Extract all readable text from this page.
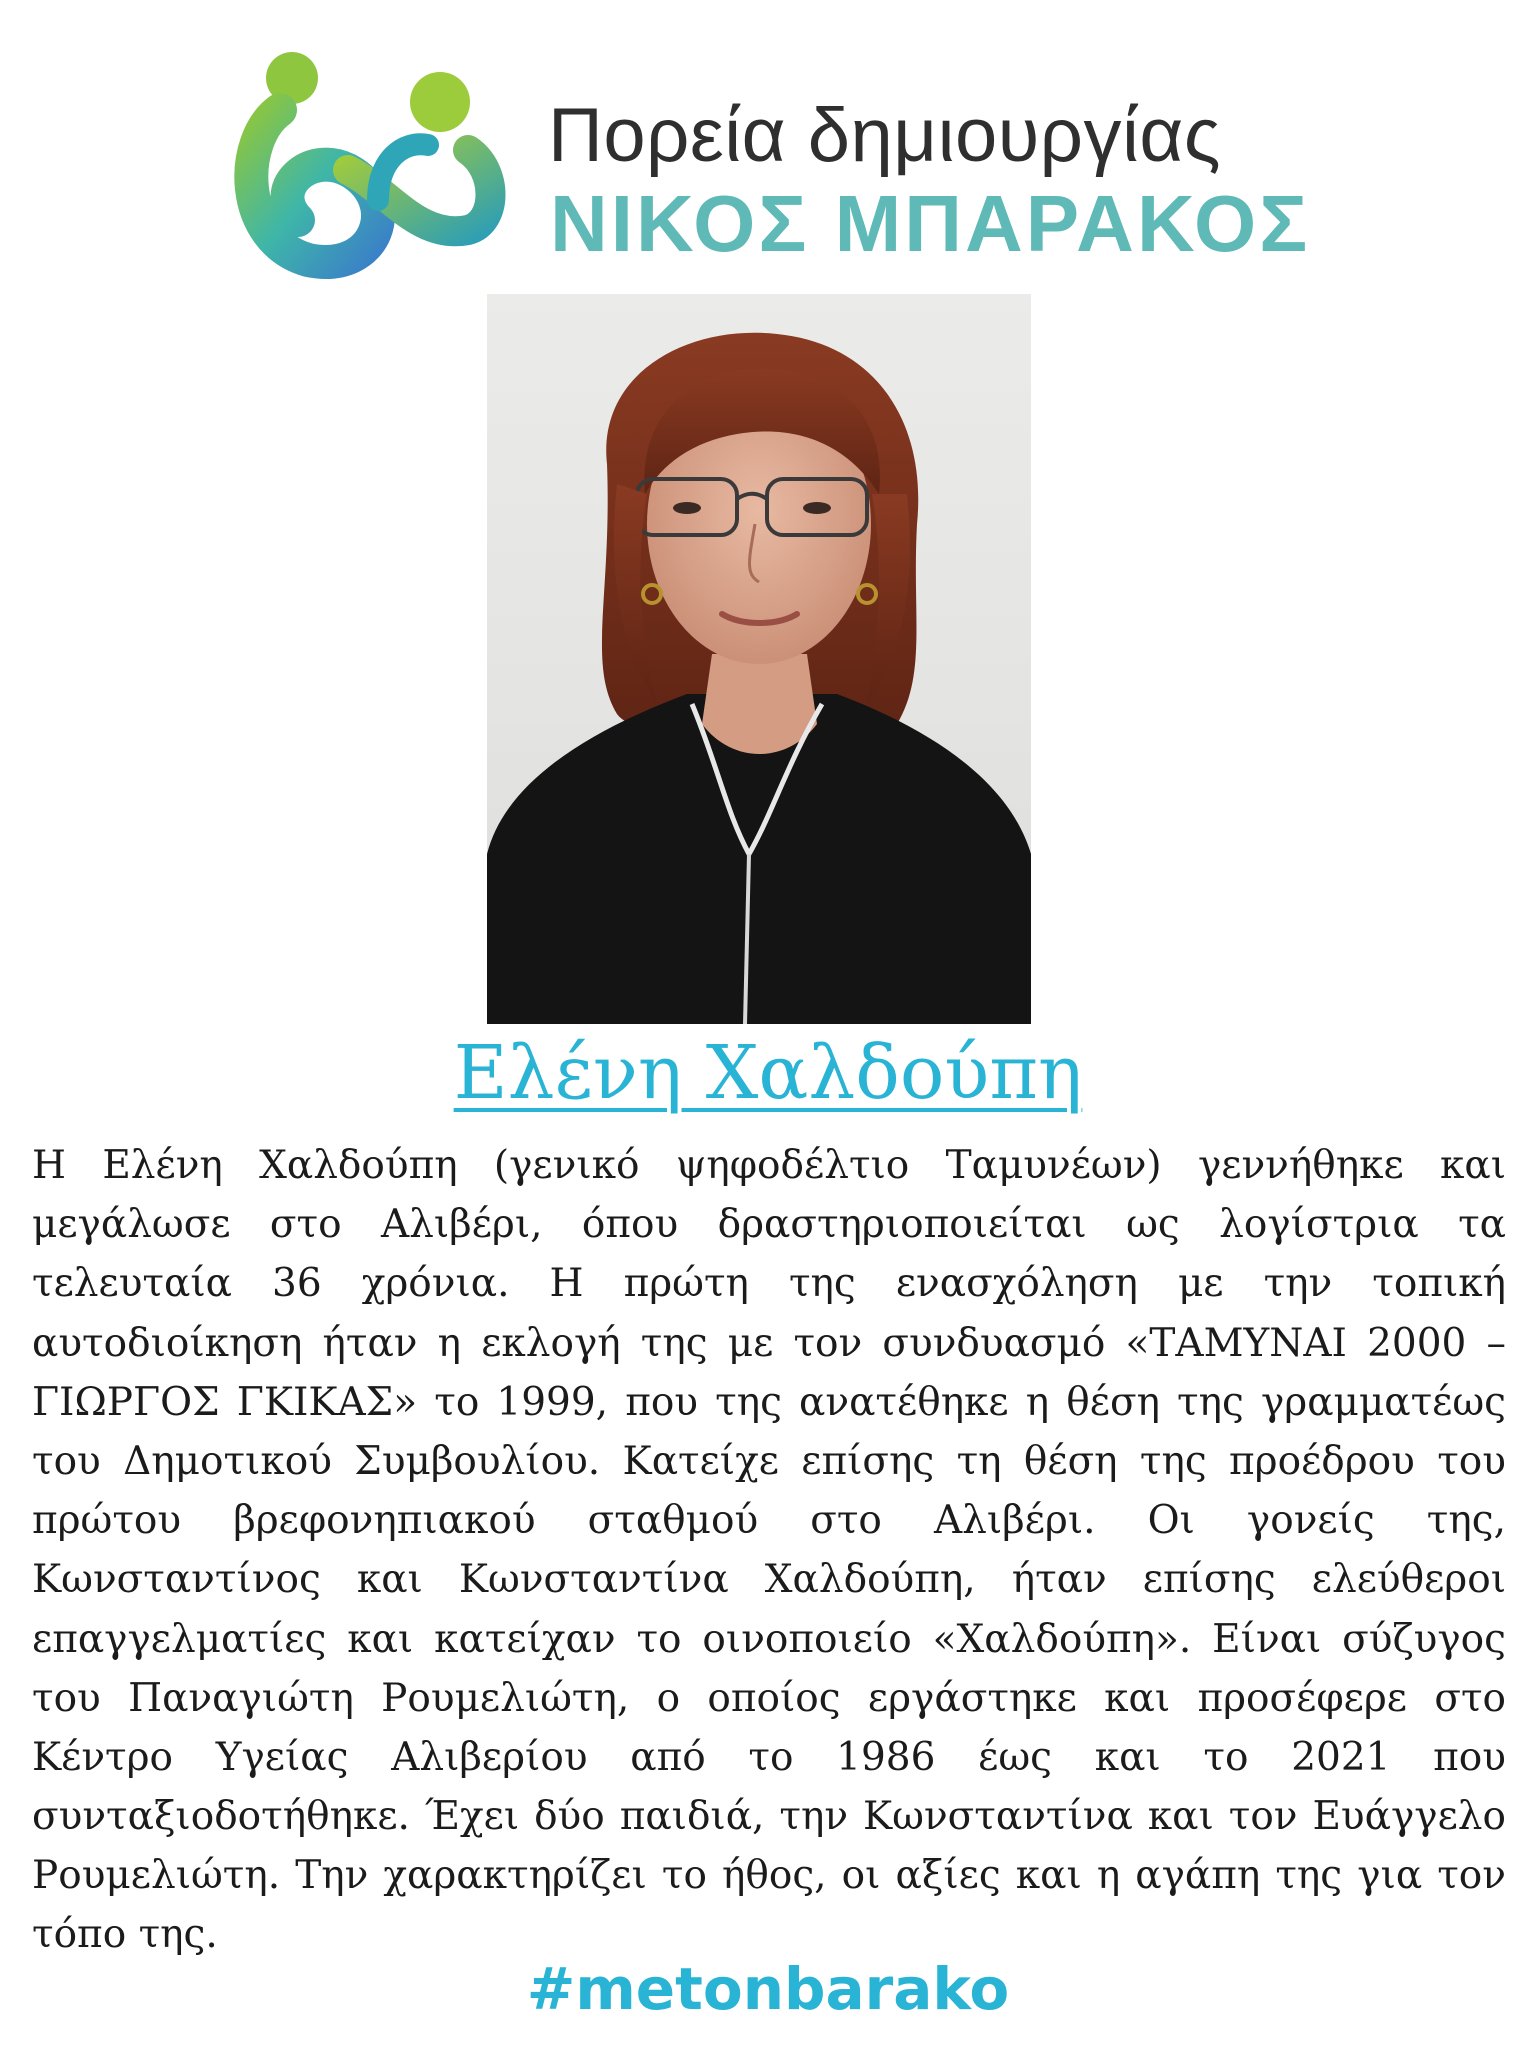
Πορεία δημιουργίας
ΝΙΚΟΣ ΜΠΑΡΑΚΟΣ
Ελένη Χαλδούπη
Η Ελένη Χαλδούπη (γενικό ψηφοδέλτιο Ταμυνέων) γεννήθηκε και
μεγάλωσε στο Αλιβέρι, όπου δραστηριοποιείται ως λογίστρια τα
τελευταία 36 χρόνια. Η πρώτη της ενασχόληση με την τοπική
αυτοδιοίκηση ήταν η εκλογή της με τον συνδυασμό «ΤΑΜΥΝΑΙ 2000 –
ΓΙΩΡΓΟΣ ΓΚΙΚΑΣ» το 1999, που της ανατέθηκε η θέση της γραμματέως
του Δημοτικού Συμβουλίου. Κατείχε επίσης τη θέση της προέδρου του
πρώτου βρεφονηπιακού σταθμού στο Αλιβέρι. Οι γονείς της,
Κωνσταντίνος και Κωνσταντίνα Χαλδούπη, ήταν επίσης ελεύθεροι
επαγγελματίες και κατείχαν το οινοποιείο «Χαλδούπη». Είναι σύζυγος
του Παναγιώτη Ρουμελιώτη, ο οποίος εργάστηκε και προσέφερε στο
Κέντρο Υγείας Αλιβερίου από το 1986 έως και το 2021 που
συνταξιοδοτήθηκε. Έχει δύο παιδιά, την Κωνσταντίνα και τον Ευάγγελο
Ρουμελιώτη. Την χαρακτηρίζει το ήθος, οι αξίες και η αγάπη της για τον
τόπο της.
#metonbarako
